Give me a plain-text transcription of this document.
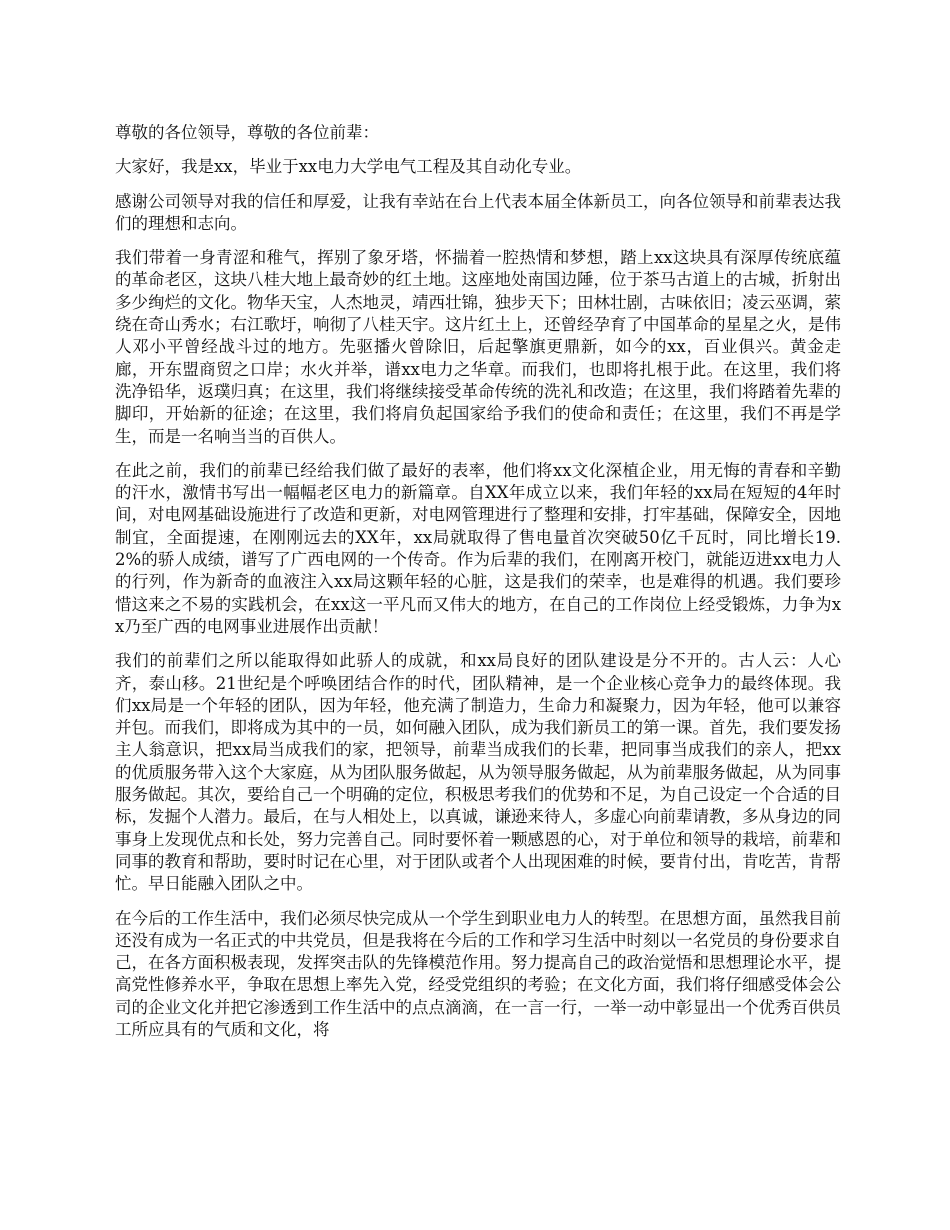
尊敬的各位领导，尊敬的各位前辈：

大家好，我是xx，毕业于xx电力大学电气工程及其自动化专业。

感谢公司领导对我的信任和厚爱，让我有幸站在台上代表本届全体新员工，向各位领导和前辈表达我们的理想和志向。

我们带着一身青涩和稚气，挥别了象牙塔，怀揣着一腔热情和梦想，踏上xx这块具有深厚传统底蕴的革命老区，这块八桂大地上最奇妙的红土地。这座地处南国边陲，位于茶马古道上的古城，折射出多少绚烂的文化。物华天宝，人杰地灵，靖西壮锦，独步天下；田林壮剧，古味依旧；凌云巫调，萦绕在奇山秀水；右江歌圩，响彻了八桂天宇。这片红土上，还曾经孕育了中国革命的星星之火，是伟人邓小平曾经战斗过的地方。先驱播火曾除旧，后起擎旗更鼎新，如今的xx，百业俱兴。黄金走廊，开东盟商贸之口岸；水火并举，谱xx电力之华章。而我们，也即将扎根于此。在这里，我们将洗净铅华，返璞归真；在这里，我们将继续接受革命传统的洗礼和改造；在这里，我们将踏着先辈的脚印，开始新的征途；在这里，我们将肩负起国家给予我们的使命和责任；在这里，我们不再是学生，而是一名响当当的百供人。

在此之前，我们的前辈已经给我们做了最好的表率，他们将xx文化深植企业，用无悔的青春和辛勤的汗水，激情书写出一幅幅老区电力的新篇章。自XX年成立以来，我们年轻的xx局在短短的4年时间，对电网基础设施进行了改造和更新，对电网管理进行了整理和安排，打牢基础，保障安全，因地制宜，全面提速，在刚刚远去的XX年，xx局就取得了售电量首次突破50亿千瓦时，同比增长19.2%的骄人成绩，谱写了广西电网的一个传奇。作为后辈的我们，在刚离开校门，就能迈进xx电力人的行列，作为新奇的血液注入xx局这颗年轻的心脏，这是我们的荣幸，也是难得的机遇。我们要珍惜这来之不易的实践机会，在xx这一平凡而又伟大的地方，在自己的工作岗位上经受锻炼，力争为xx乃至广西的电网事业进展作出贡献！

我们的前辈们之所以能取得如此骄人的成就，和xx局良好的团队建设是分不开的。古人云：人心齐，泰山移。21世纪是个呼唤团结合作的时代，团队精神，是一个企业核心竞争力的最终体现。我们xx局是一个年轻的团队，因为年轻，他充满了制造力，生命力和凝聚力，因为年轻，他可以兼容并包。而我们，即将成为其中的一员，如何融入团队，成为我们新员工的第一课。首先，我们要发扬主人翁意识，把xx局当成我们的家，把领导，前辈当成我们的长辈，把同事当成我们的亲人，把xx的优质服务带入这个大家庭，从为团队服务做起，从为领导服务做起，从为前辈服务做起，从为同事服务做起。其次，要给自己一个明确的定位，积极思考我们的优势和不足，为自己设定一个合适的目标，发掘个人潜力。最后，在与人相处上，以真诚，谦逊来待人，多虚心向前辈请教，多从身边的同事身上发现优点和长处，努力完善自己。同时要怀着一颗感恩的心，对于单位和领导的栽培，前辈和同事的教育和帮助，要时时记在心里，对于团队或者个人出现困难的时候，要肯付出，肯吃苦，肯帮忙。早日能融入团队之中。

在今后的工作生活中，我们必须尽快完成从一个学生到职业电力人的转型。在思想方面，虽然我目前还没有成为一名正式的中共党员，但是我将在今后的工作和学习生活中时刻以一名党员的身份要求自己，在各方面积极表现，发挥突击队的先锋模范作用。努力提高自己的政治觉悟和思想理论水平，提高党性修养水平，争取在思想上率先入党，经受党组织的考验；在文化方面，我们将仔细感受体会公司的企业文化并把它渗透到工作生活中的点点滴滴，在一言一行，一举一动中彰显出一个优秀百供员工所应具有的气质和文化，将
